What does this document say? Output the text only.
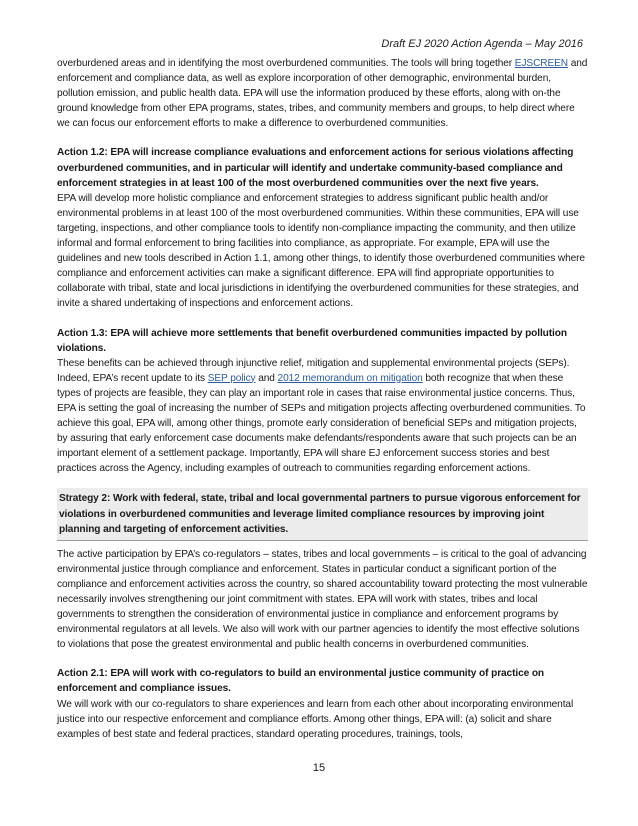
Draft EJ 2020 Action Agenda – May 2016

overburdened areas and in identifying the most overburdened communities. The tools will bring together EJSCREEN and enforcement and compliance data, as well as explore incorporation of other demographic, environmental burden, pollution emission, and public health data. EPA will use the information produced by these efforts, along with on-the ground knowledge from other EPA programs, states, tribes, and community members and groups, to help direct where we can focus our enforcement efforts to make a difference to overburdened communities.

Action 1.2: EPA will increase compliance evaluations and enforcement actions for serious violations affecting overburdened communities, and in particular will identify and undertake community-based compliance and enforcement strategies in at least 100 of the most overburdened communities over the next five years.

EPA will develop more holistic compliance and enforcement strategies to address significant public health and/or environmental problems in at least 100 of the most overburdened communities. Within these communities, EPA will use targeting, inspections, and other compliance tools to identify non-compliance impacting the community, and then utilize informal and formal enforcement to bring facilities into compliance, as appropriate. For example, EPA will use the guidelines and new tools described in Action 1.1, among other things, to identify those overburdened communities where compliance and enforcement activities can make a significant difference. EPA will find appropriate opportunities to collaborate with tribal, state and local jurisdictions in identifying the overburdened communities for these strategies, and invite a shared undertaking of inspections and enforcement actions.

Action 1.3: EPA will achieve more settlements that benefit overburdened communities impacted by pollution violations.

These benefits can be achieved through injunctive relief, mitigation and supplemental environmental projects (SEPs). Indeed, EPA’s recent update to its SEP policy and 2012 memorandum on mitigation both recognize that when these types of projects are feasible, they can play an important role in cases that raise environmental justice concerns. Thus, EPA is setting the goal of increasing the number of SEPs and mitigation projects affecting overburdened communities. To achieve this goal, EPA will, among other things, promote early consideration of beneficial SEPs and mitigation projects, by assuring that early enforcement case documents make defendants/respondents aware that such projects can be an important element of a settlement package. Importantly, EPA will share EJ enforcement success stories and best practices across the Agency, including examples of outreach to communities regarding enforcement actions.

Strategy 2: Work with federal, state, tribal and local governmental partners to pursue vigorous enforcement for violations in overburdened communities and leverage limited compliance resources by improving joint planning and targeting of enforcement activities.

The active participation by EPA’s co-regulators – states, tribes and local governments – is critical to the goal of advancing environmental justice through compliance and enforcement. States in particular conduct a significant portion of the compliance and enforcement activities across the country, so shared accountability toward protecting the most vulnerable necessarily involves strengthening our joint commitment with states. EPA will work with states, tribes and local governments to strengthen the consideration of environmental justice in compliance and enforcement programs by environmental regulators at all levels. We also will work with our partner agencies to identify the most effective solutions to violations that pose the greatest environmental and public health concerns in overburdened communities.

Action 2.1: EPA will work with co-regulators to build an environmental justice community of practice on enforcement and compliance issues.

We will work with our co-regulators to share experiences and learn from each other about incorporating environmental justice into our respective enforcement and compliance efforts. Among other things, EPA will: (a) solicit and share examples of best state and federal practices, standard operating procedures, trainings, tools,

15
